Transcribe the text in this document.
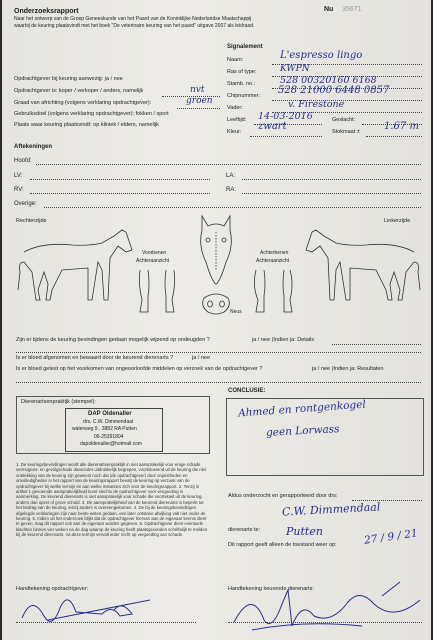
Onderzoeksrapport	Nu 35671
Naar het ontwerp van de Groep Geneeskunde van het Paard van de Koninklijke Nederlandse Maatschappij
waarbij de keuring plaatsvindt met het boek "De veterinaire keuring van het paard" uitgave 2007 als leidraad.
Opdrachtgever bij keuring aanwezig: ja / nee
Opdrachtgever is: koper / verkoper / anders, namelijk	nvt
Graad van africhting (volgens verklaring opdrachtgever):	groen
Gebruiksdoel (volgens verklaring opdrachtgever): fokken / sport
Plaats waar keuring plaatsvindt: op kliniek / elders, namelijk
Signalement
Naam:	L'espresso lingo
Ras of type:	KWPN
Stamb. no.:	528 00320160 6168
Chipnummer: 528 21000 6448 0857
Vader:	v. Firestone
Leeftijd: 14-03-2016	Geslacht:
Kleur: zwart	Stokmaat ± 1.67 m
Aftekeningen
Hoofd:
LV:	LA:
RV:	RA:
Overige:
Rechterzijde	Linkerzijde
Voorbenen
Achteraanzicht
Achterbenen
Achteraanzicht
Neus
Zijn er tijdens de keuring bevindingen gedaan mogelijk wijzend op ondeugden ?	ja / nee (Indien ja: Details
Is er bloed afgenomen en bewaard door de keurend dierenarts ?	ja / nee
Is er bloed getest op het voorkomen van ongeoorloofde middelen op verzoek van de opdrachtgever ?	ja / nee (Indien ja: Resultaten
Dierenartsenpraktijk (stempel):
DAP Oldenaller
drs. C.W. Dimmendaal
waterweg 9 , 3882 RA Putten
06-25391804
dapoldenaller@hotmail.com
CONCLUSIE:
Ahmed en rontgenkogel
geen Lorwass
1. De keuringsbevindingen wordt alle dierenartsenpraktijk in niet aansprakelijk voor enige schade vermogens- en gevolgschade daaronder uitdrukkelijk begrepen, voortvloeiend uit de keuring die niet ontdekking van de keuring zijn geweest noch dat (de opdrachtgever) door onjuistheden en onvolledigheden in het rapport van de keuringsrapport bevat) de keuring op verzoek van de opdrachtgever bij welke termijn en aan welke instanties zich voor de keuringsrapport. 2. Tenzij in artikel 1 genoemde aansprakelijkheid komt slechts de opdrachtgever voor vergoeding in aanmerking. De keurend dierenarts is niet aansprakelijk voor schade die voortvloeit uit de keuring, anders dan opzet of grove schuld. 3. De aansprakelijkheid van de keurend dierenarts is beperkt tot het bedrag van de keuring, tenzij anders is overeengekomen. 4. De bij de keuringsbevindingen afgelegde verklaringen zijn naar beste weten gedaan, een later ontstane afwijking valt niet onder de keuring. 5. Indien uit het onderzoek blijkt dat de opdrachtgever hiervan aan de eigenaar kennis dient te geven, mag dit rapport ook aan de eigenaar worden gegeven. 6. Opdrachtgever dient eventuele klachten binnen vier weken na de dag waarop de keuring heeft plaatsgevonden schriftelijk te melden bij de keurend dierenarts, na deze termijn vervalt ieder recht op vergoeding van schade.
Aldus onderzocht en gerapporteerd door drs:
C.W. Dimmendaal
dierenarts te: Putten
Dit rapport geeft alleen de toestand weer op:	27 / 9 / 21
Handtekening opdrachtgever:	Handtekening keurende dierenarts:
